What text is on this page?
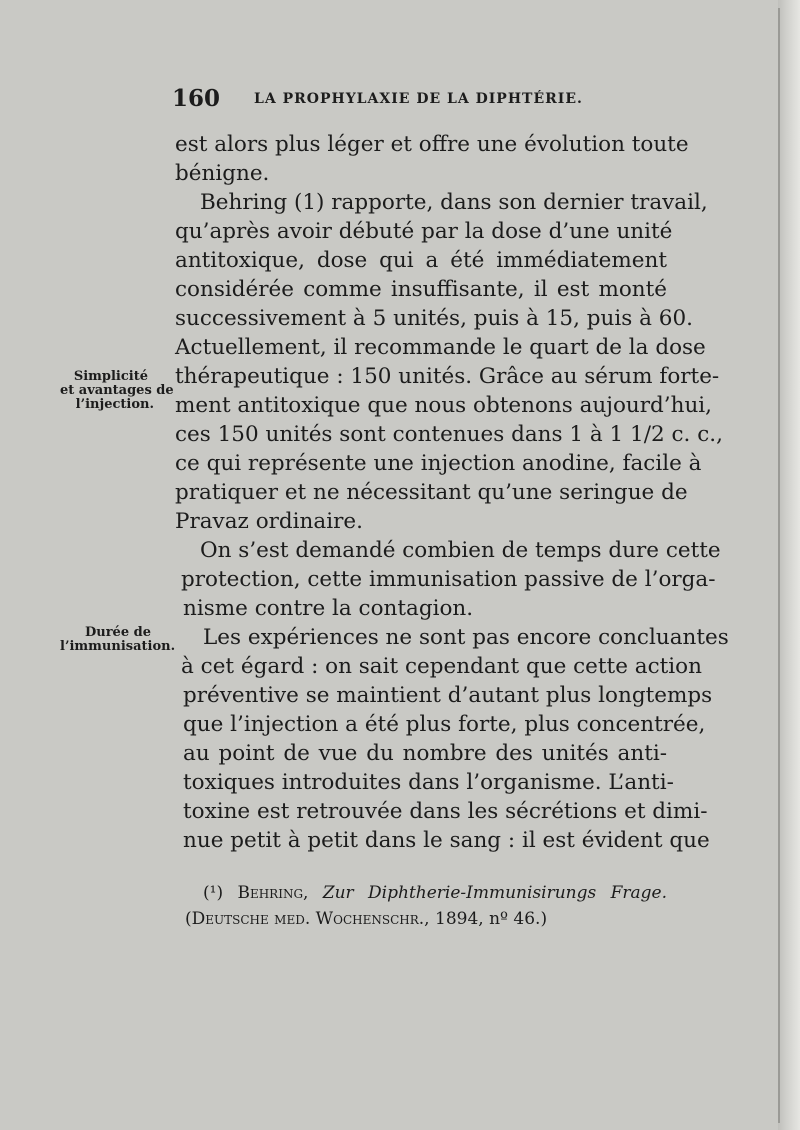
160 LA PROPHYLAXIE DE LA DIPHTÉRIE.
Simplicité
et avantages de
l’injection.
Durée de
l’immunisation.
est alors plus léger et offre une évolution toute
bénigne.
Behring (1) rapporte, dans son dernier travail,
qu’après avoir débuté par la dose d’une unité
antitoxique, dose qui a été immédiatement
considérée comme insuffisante, il est monté
successivement à 5 unités, puis à 15, puis à 60.
Actuellement, il recommande le quart de la dose
thérapeutique : 150 unités. Grâce au sérum forte-
ment antitoxique que nous obtenons aujourd’hui,
ces 150 unités sont contenues dans 1 à 1 1/2 c. c.,
ce qui représente une injection anodine, facile à
pratiquer et ne nécessitant qu’une seringue de
Pravaz ordinaire.
On s’est demandé combien de temps dure cette
protection, cette immunisation passive de l’orga-
nisme contre la contagion.
Les expériences ne sont pas encore concluantes
à cet égard : on sait cependant que cette action
préventive se maintient d’autant plus longtemps
que l’injection a été plus forte, plus concentrée,
au point de vue du nombre des unités anti-
toxiques introduites dans l’organisme. L’anti-
toxine est retrouvée dans les sécrétions et dimi-
nue petit à petit dans le sang : il est évident que
(¹) Behring, Zur Diphtherie-Immunisirungs Frage.
(Deutsche med. Wochenschr., 1894, nº 46.)
